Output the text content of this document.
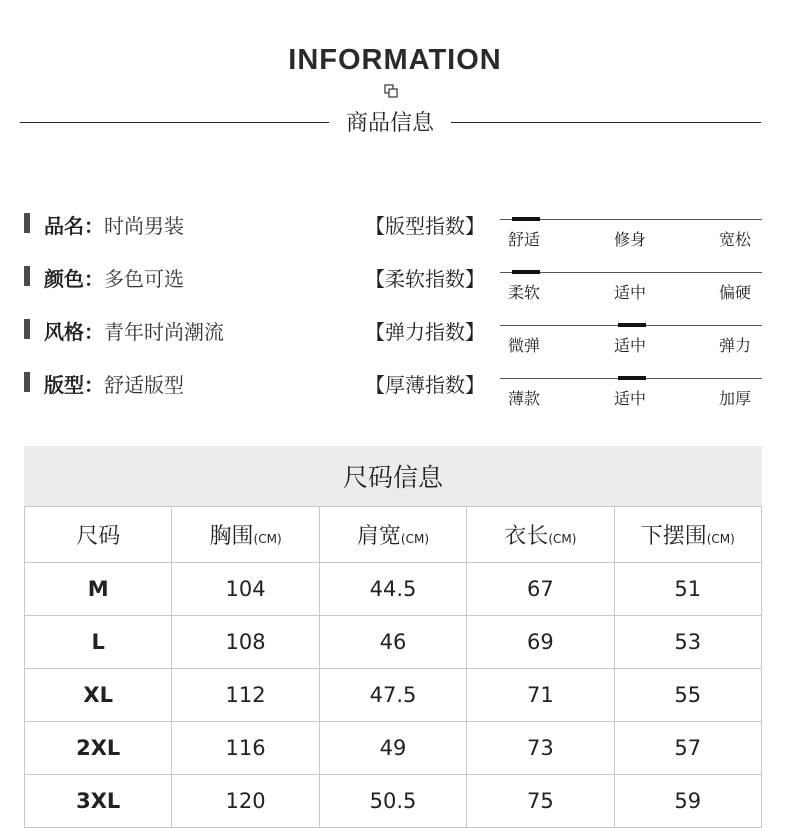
INFORMATION
商品信息
品名：时尚男装
颜色：多色可选
风格：青年时尚潮流
版型：舒适版型
【版型指数】
舒适	修身	宽松
【柔软指数】
柔软	适中	偏硬
【弹力指数】
微弹	适中	弹力
【厚薄指数】
薄款	适中	加厚
尺码信息
尺码	胸围(CM)	肩宽(CM)	衣长(CM)	下摆围(CM)
M	104	44.5	67	51
L	108	46	69	53
XL	112	47.5	71	55
2XL	116	49	73	57
3XL	120	50.5	75	59
